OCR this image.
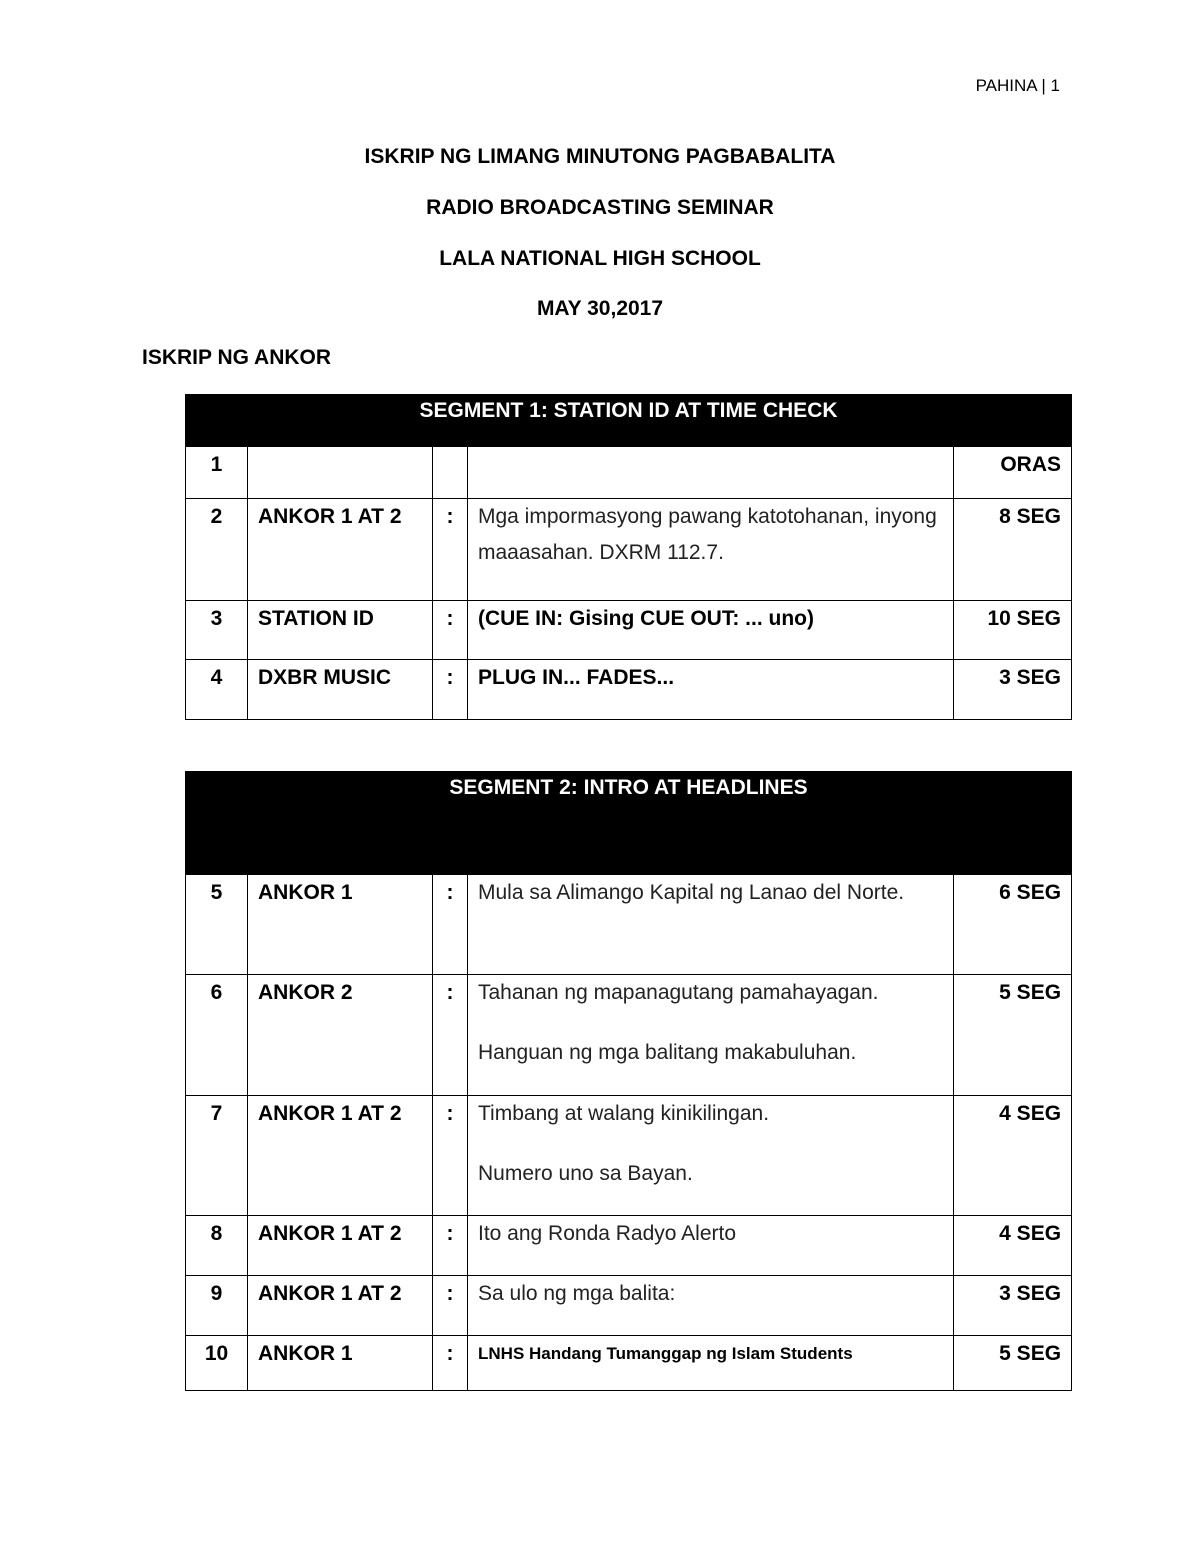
PAHINA | 1
ISKRIP NG LIMANG MINUTONG PAGBABALITA
RADIO BROADCASTING SEMINAR
LALA NATIONAL HIGH SCHOOL
MAY 30,2017
ISKRIP NG ANKOR
SEGMENT 1: STATION ID AT TIME CHECK				
1				ORAS
2	ANKOR 1 AT 2	:	Mga impormasyong pawang katotohanan, inyong maaasahan. DXRM 112.7.	8 SEG
3	STATION ID	:	(CUE IN: Gising CUE OUT: ... uno)	10 SEG
4	DXBR MUSIC	:	PLUG IN... FADES...	3 SEG
SEGMENT 2: INTRO AT HEADLINES				
5	ANKOR 1	:	Mula sa Alimango Kapital ng Lanao del Norte.	6 SEG
6	ANKOR 2	:	Tahanan ng mapanagutang pamahayagan.
Hanguan ng mga balitang makabuluhan.	5 SEG
7	ANKOR 1 AT 2	:	Timbang at walang kinikilingan.
Numero uno sa Bayan.	4 SEG
8	ANKOR 1 AT 2	:	Ito ang Ronda Radyo Alerto	4 SEG
9	ANKOR 1 AT 2	:	Sa ulo ng mga balita:	3 SEG
10	ANKOR 1	:	LNHS Handang Tumanggap ng Islam Students	5 SEG
